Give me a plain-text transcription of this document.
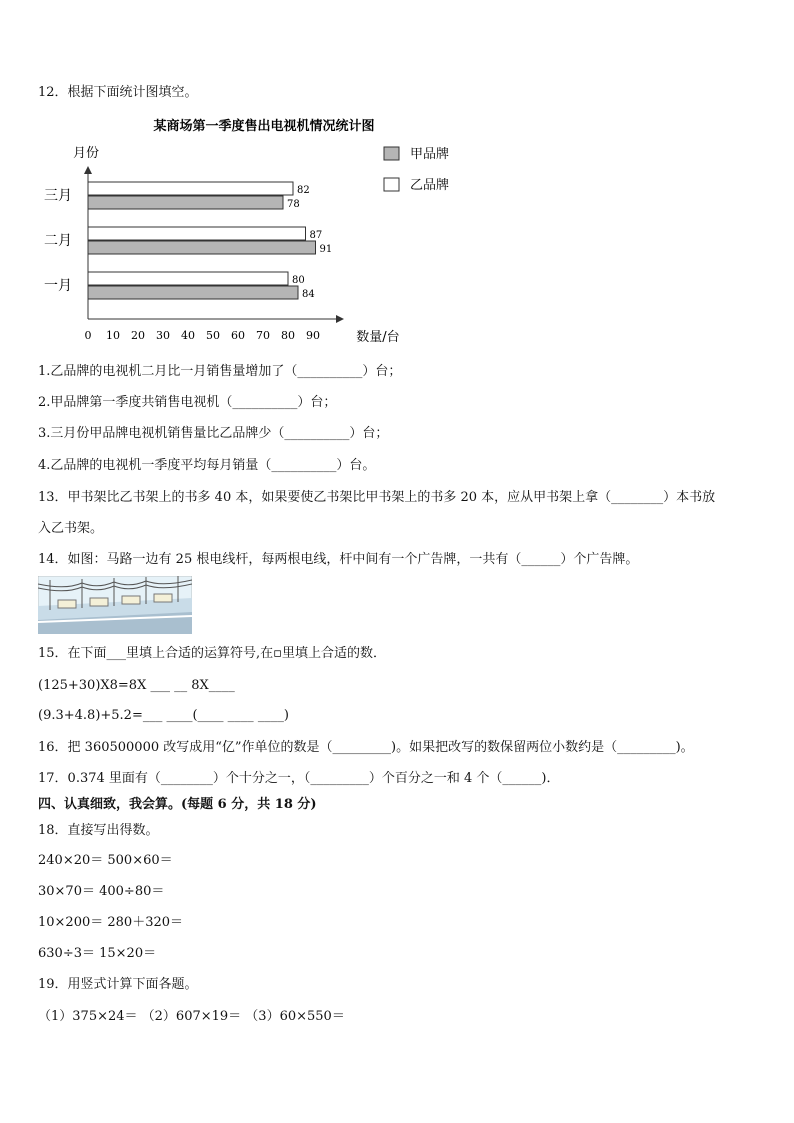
12．根据下面统计图填空。
某商场第一季度售出电视机情况统计图
月份
数量/台
0 10 20 30 40 50 60 70 80 90
80
84
87
91
82
78
一月
二月
三月
甲品牌
乙品牌
1.乙品牌的电视机二月比一月销售量增加了（__________）台；
2.甲品牌第一季度共销售电视机（__________）台；
3.三月份甲品牌电视机销售量比乙品牌少（__________）台；
4.乙品牌的电视机一季度平均每月销量（__________）台。
13．甲书架比乙书架上的书多 40 本，如果要使乙书架比甲书架上的书多 20 本，应从甲书架上拿（________）本书放
入乙书架。
14．如图：马路一边有 25 根电线杆，每两根电线，杆中间有一个广告牌，一共有（______）个广告牌。
15．在下面___里填上合适的运算符号,在▫里填上合适的数．
(125+30)X8=8X ___ __ 8X____
(9.3+4.8)+5.2=___ ____(____ ____ ____)
16．把 360500000 改写成用“亿”作单位的数是（_________)。如果把改写的数保留两位小数约是（_________)。
17．0.374 里面有（________）个十分之一，（_________）个百分之一和 4 个（______)．
四、认真细致，我会算。(每题 6 分，共 18 分)
18．直接写出得数。
240×20＝ 500×60＝
30×70＝ 400÷80＝
10×200＝ 280＋320＝
630÷3＝ 15×20＝
19．用竖式计算下面各题。
（1）375×24＝ （2）607×19＝ （3）60×550＝
